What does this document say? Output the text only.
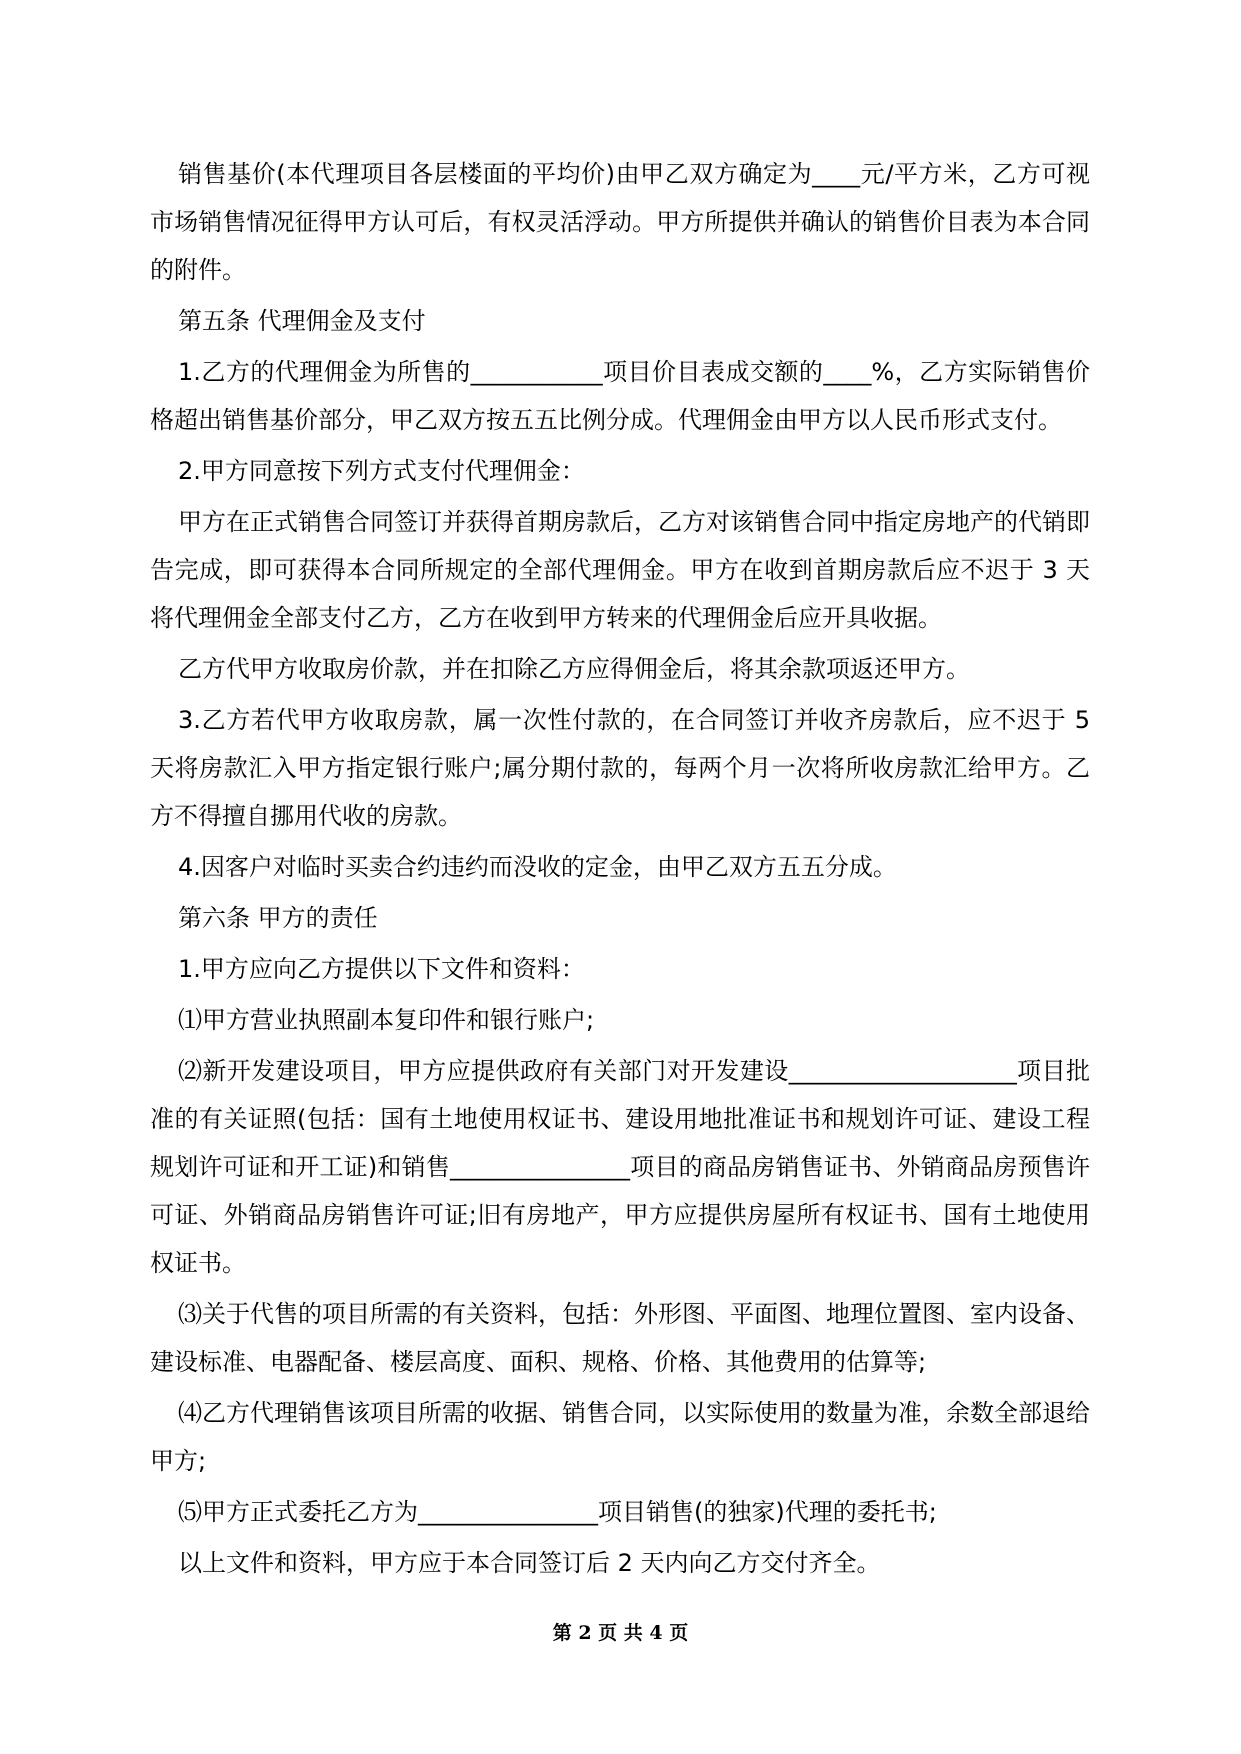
销售基价(本代理项目各层楼面的平均价)由甲乙双方确定为____元/平方米，乙方可视市场销售情况征得甲方认可后，有权灵活浮动。甲方所提供并确认的销售价目表为本合同的附件。

第五条 代理佣金及支付

1.乙方的代理佣金为所售的___________项目价目表成交额的____%，乙方实际销售价格超出销售基价部分，甲乙双方按五五比例分成。代理佣金由甲方以人民币形式支付。

2.甲方同意按下列方式支付代理佣金：

甲方在正式销售合同签订并获得首期房款后，乙方对该销售合同中指定房地产的代销即告完成，即可获得本合同所规定的全部代理佣金。甲方在收到首期房款后应不迟于 3 天将代理佣金全部支付乙方，乙方在收到甲方转来的代理佣金后应开具收据。

乙方代甲方收取房价款，并在扣除乙方应得佣金后，将其余款项返还甲方。

3.乙方若代甲方收取房款，属一次性付款的，在合同签订并收齐房款后，应不迟于 5 天将房款汇入甲方指定银行账户;属分期付款的，每两个月一次将所收房款汇给甲方。乙方不得擅自挪用代收的房款。

4.因客户对临时买卖合约违约而没收的定金，由甲乙双方五五分成。

第六条 甲方的责任

1.甲方应向乙方提供以下文件和资料：

⑴甲方营业执照副本复印件和银行账户;

⑵新开发建设项目，甲方应提供政府有关部门对开发建设___________________项目批准的有关证照(包括：国有土地使用权证书、建设用地批准证书和规划许可证、建设工程规划许可证和开工证)和销售_______________项目的商品房销售证书、外销商品房预售许可证、外销商品房销售许可证;旧有房地产，甲方应提供房屋所有权证书、国有土地使用权证书。

⑶关于代售的项目所需的有关资料，包括：外形图、平面图、地理位置图、室内设备、建设标准、电器配备、楼层高度、面积、规格、价格、其他费用的估算等;

⑷乙方代理销售该项目所需的收据、销售合同，以实际使用的数量为准，余数全部退给甲方;

⑸甲方正式委托乙方为_______________项目销售(的独家)代理的委托书;

以上文件和资料，甲方应于本合同签订后 2 天内向乙方交付齐全。

第 2 页 共 4 页
